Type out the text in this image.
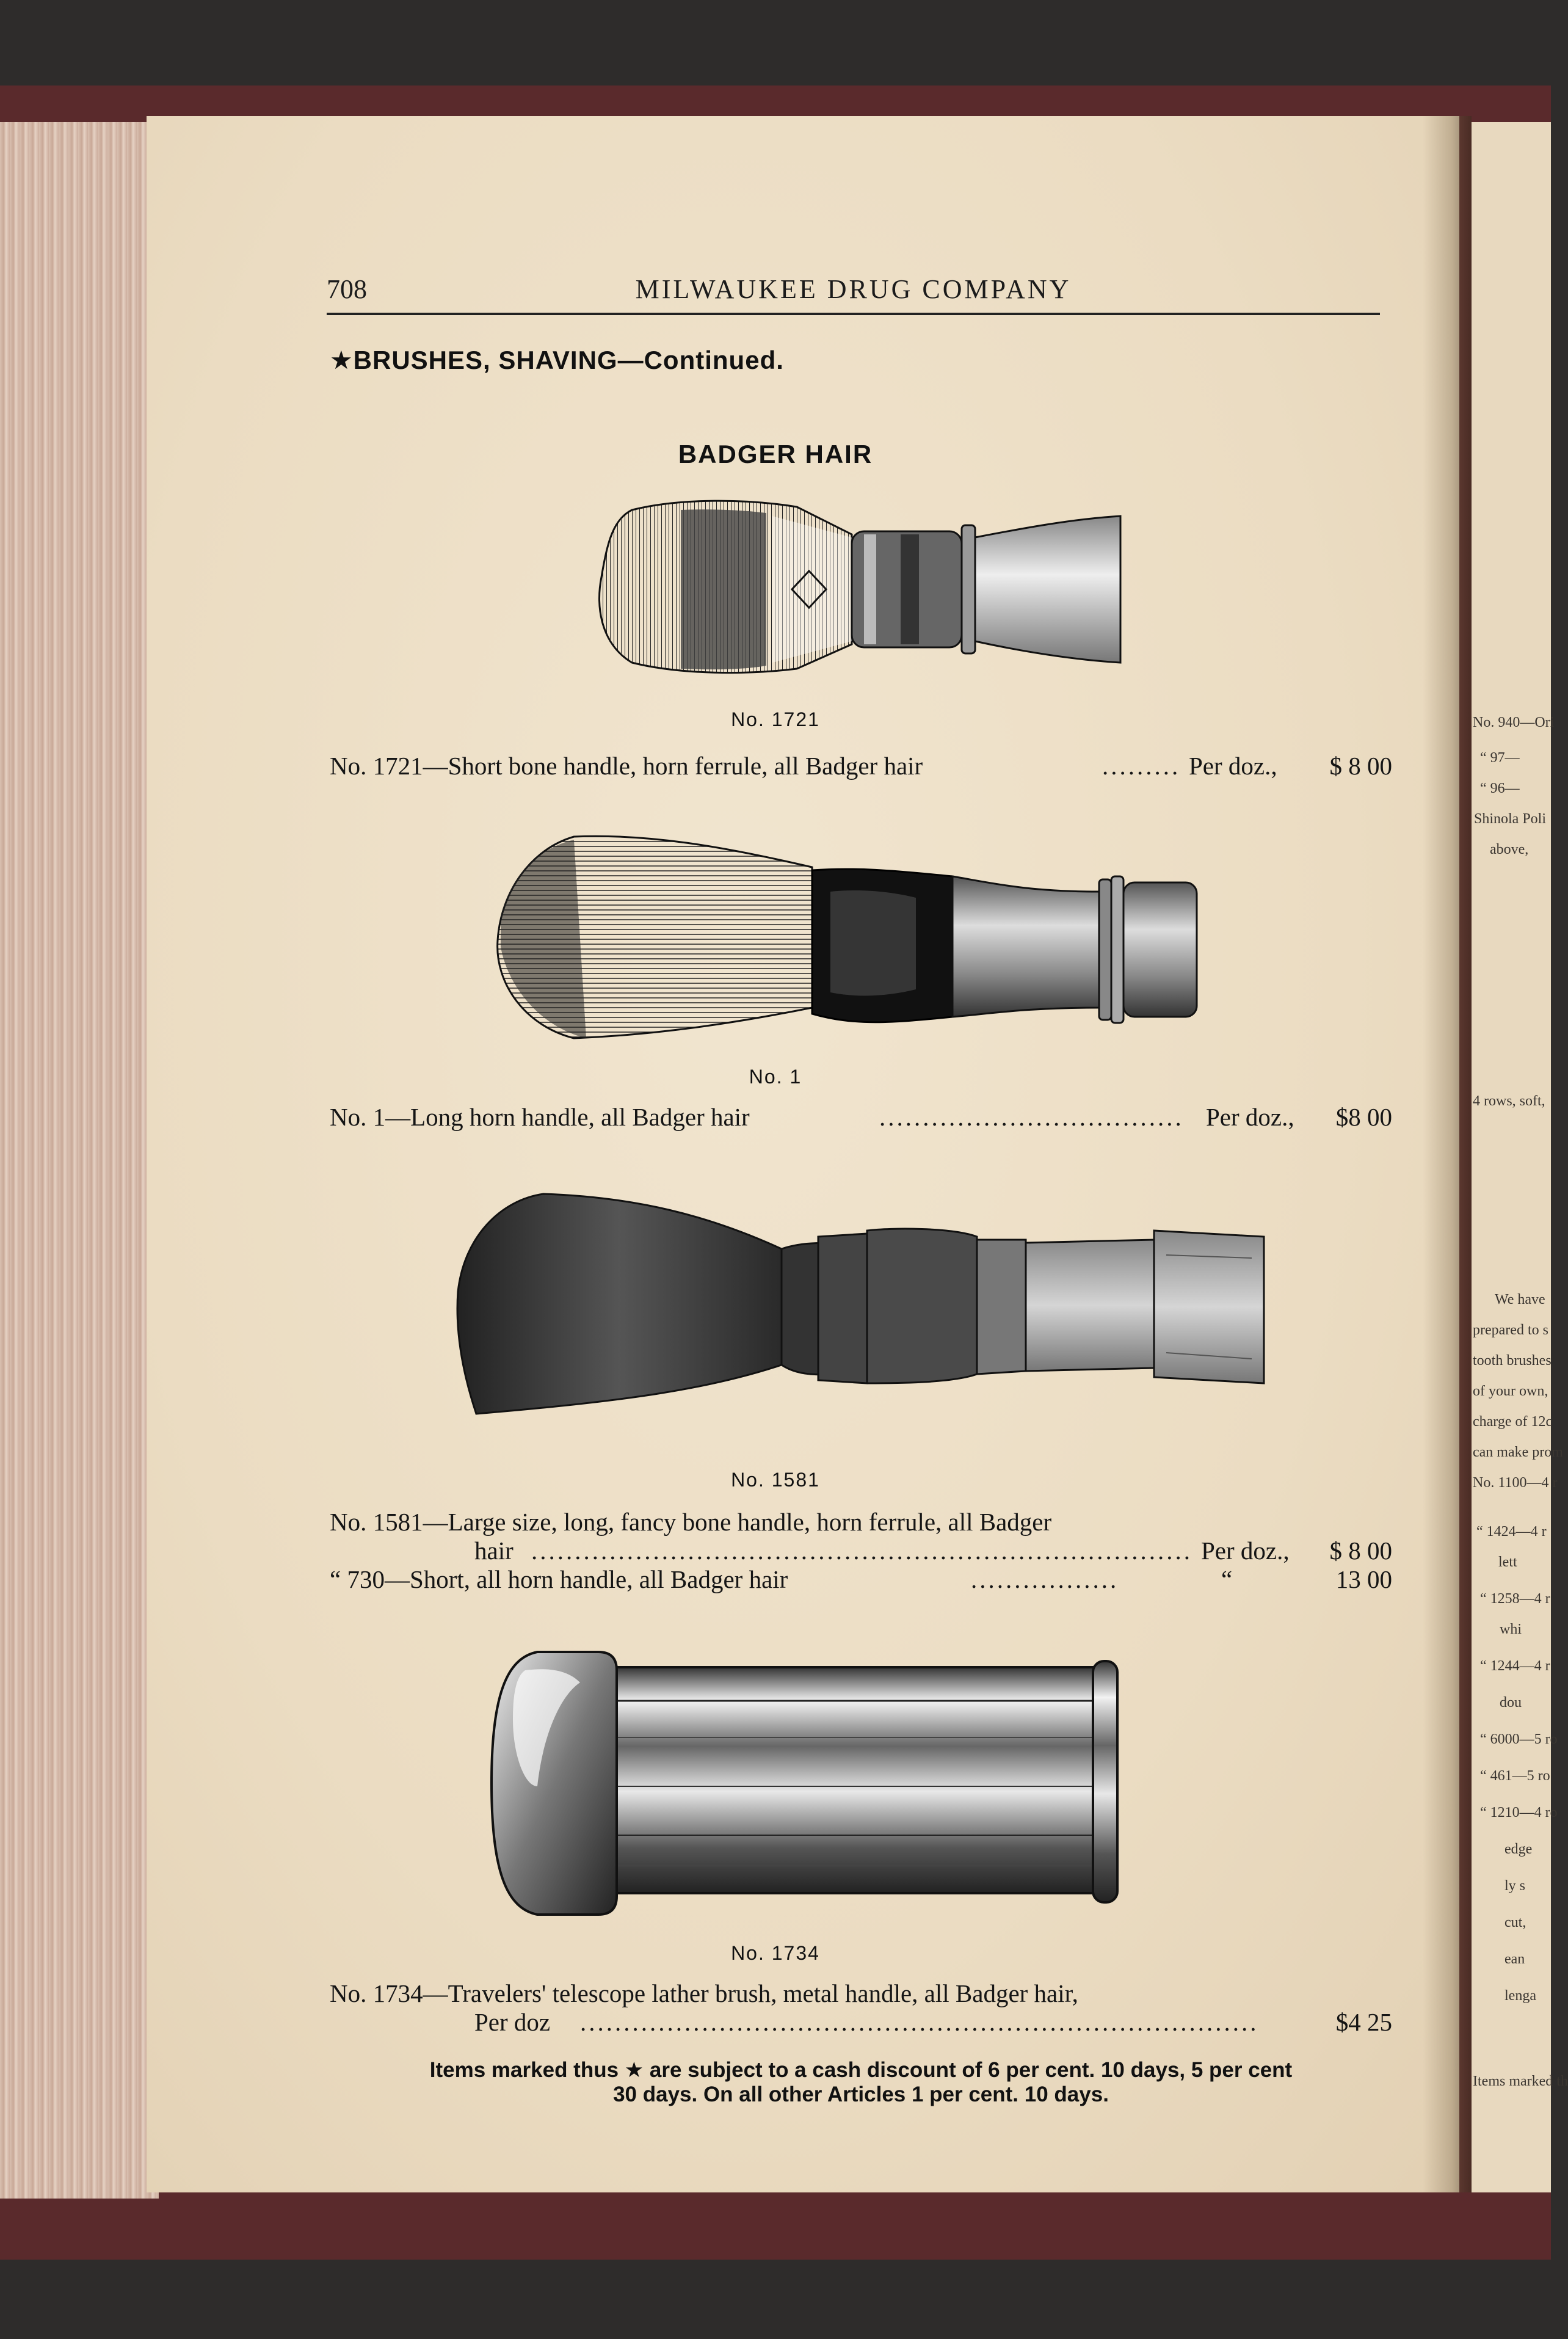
No. 940—Ori
“ 97—
“ 96—
Shinola Poli
above,
4 rows, soft,
We have
prepared to s
tooth brushes
of your own,
charge of 12c
can make prom
No. 1100—4 r
“ 1424—4 r
lett
“ 1258—4 r
whi
“ 1244—4 r
dou
“ 6000—5 ro
“ 461—5 ro
“ 1210—4 ro
edge
ly s
cut,
ean
lenga
Items marked th
708	MILWAUKEE DRUG COMPANY
★BRUSHES, SHAVING—Continued.
BADGER HAIR
No. 1721
No. 1721—Short bone handle, horn ferrule, all Badger hair	......... Per doz., $ 8 00
No. 1
No. 1—Long horn handle, all Badger hair	................................... Per doz., $8 00
No. 1581
No. 1581—Large size, long, fancy bone handle, horn ferrule, all Badger
hair ............................................................................ Per doz., $ 8 00
“ 730—Short, all horn handle, all Badger hair	.................	“	13 00
No. 1734
No. 1734—Travelers' telescope lather brush, metal handle, all Badger hair,
Per doz ..............................................................................	$4 25
Items marked thus ★ are subject to a cash discount of 6 per cent. 10 days, 5 per cent
30 days. On all other Articles 1 per cent. 10 days.
